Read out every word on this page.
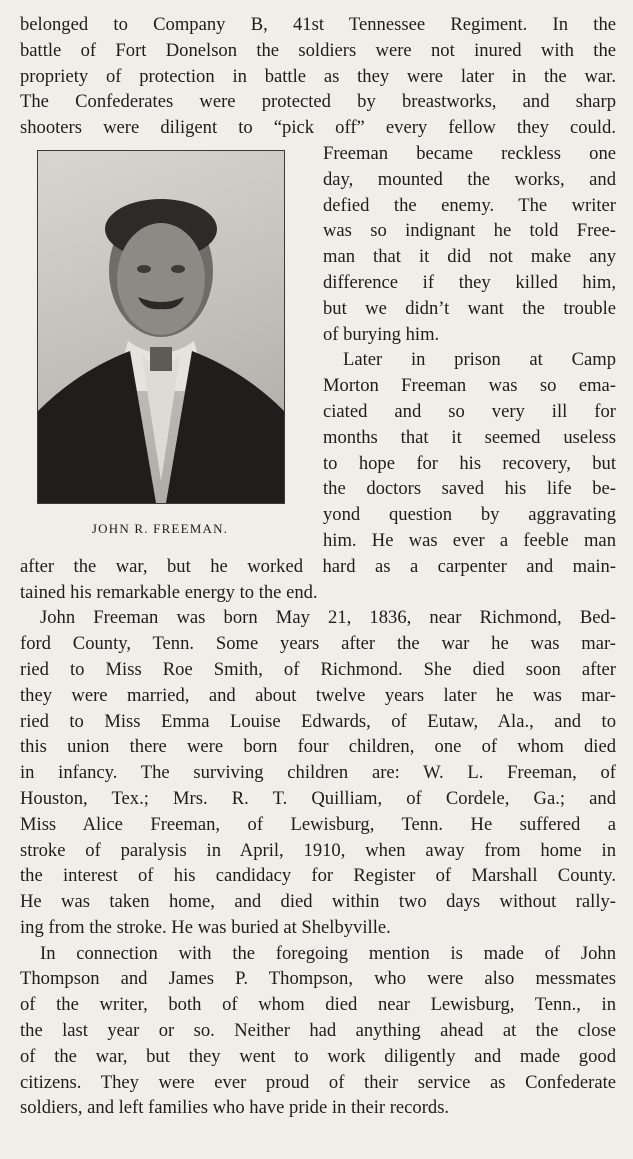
belonged to Company B, 41st Tennessee Regiment. In the
battle of Fort Donelson the soldiers were not inured with the
propriety of protection in battle as they were later in the war.
The Confederates were protected by breastworks, and sharp
shooters were diligent to “pick off” every fellow they could.
JOHN R. FREEMAN.
Freeman became reckless one
day, mounted the works, and
defied the enemy. The writer
was so indignant he told Free-
man that it did not make any
difference if they killed him,
but we didn’t want the trouble
of burying him.
Later in prison at Camp
Morton Freeman was so ema-
ciated and so very ill for
months that it seemed useless
to hope for his recovery, but
the doctors saved his life be-
yond question by aggravating
him. He was ever a feeble man
after the war, but he worked hard as a carpenter and main-
tained his remarkable energy to the end.
John Freeman was born May 21, 1836, near Richmond, Bed-
ford County, Tenn. Some years after the war he was mar-
ried to Miss Roe Smith, of Richmond. She died soon after
they were married, and about twelve years later he was mar-
ried to Miss Emma Louise Edwards, of Eutaw, Ala., and to
this union there were born four children, one of whom died
in infancy. The surviving children are: W. L. Freeman, of
Houston, Tex.; Mrs. R. T. Quilliam, of Cordele, Ga.; and
Miss Alice Freeman, of Lewisburg, Tenn. He suffered a
stroke of paralysis in April, 1910, when away from home in
the interest of his candidacy for Register of Marshall County.
He was taken home, and died within two days without rally-
ing from the stroke. He was buried at Shelbyville.
In connection with the foregoing mention is made of John
Thompson and James P. Thompson, who were also messmates
of the writer, both of whom died near Lewisburg, Tenn., in
the last year or so. Neither had anything ahead at the close
of the war, but they went to work diligently and made good
citizens. They were ever proud of their service as Confederate
soldiers, and left families who have pride in their records.
